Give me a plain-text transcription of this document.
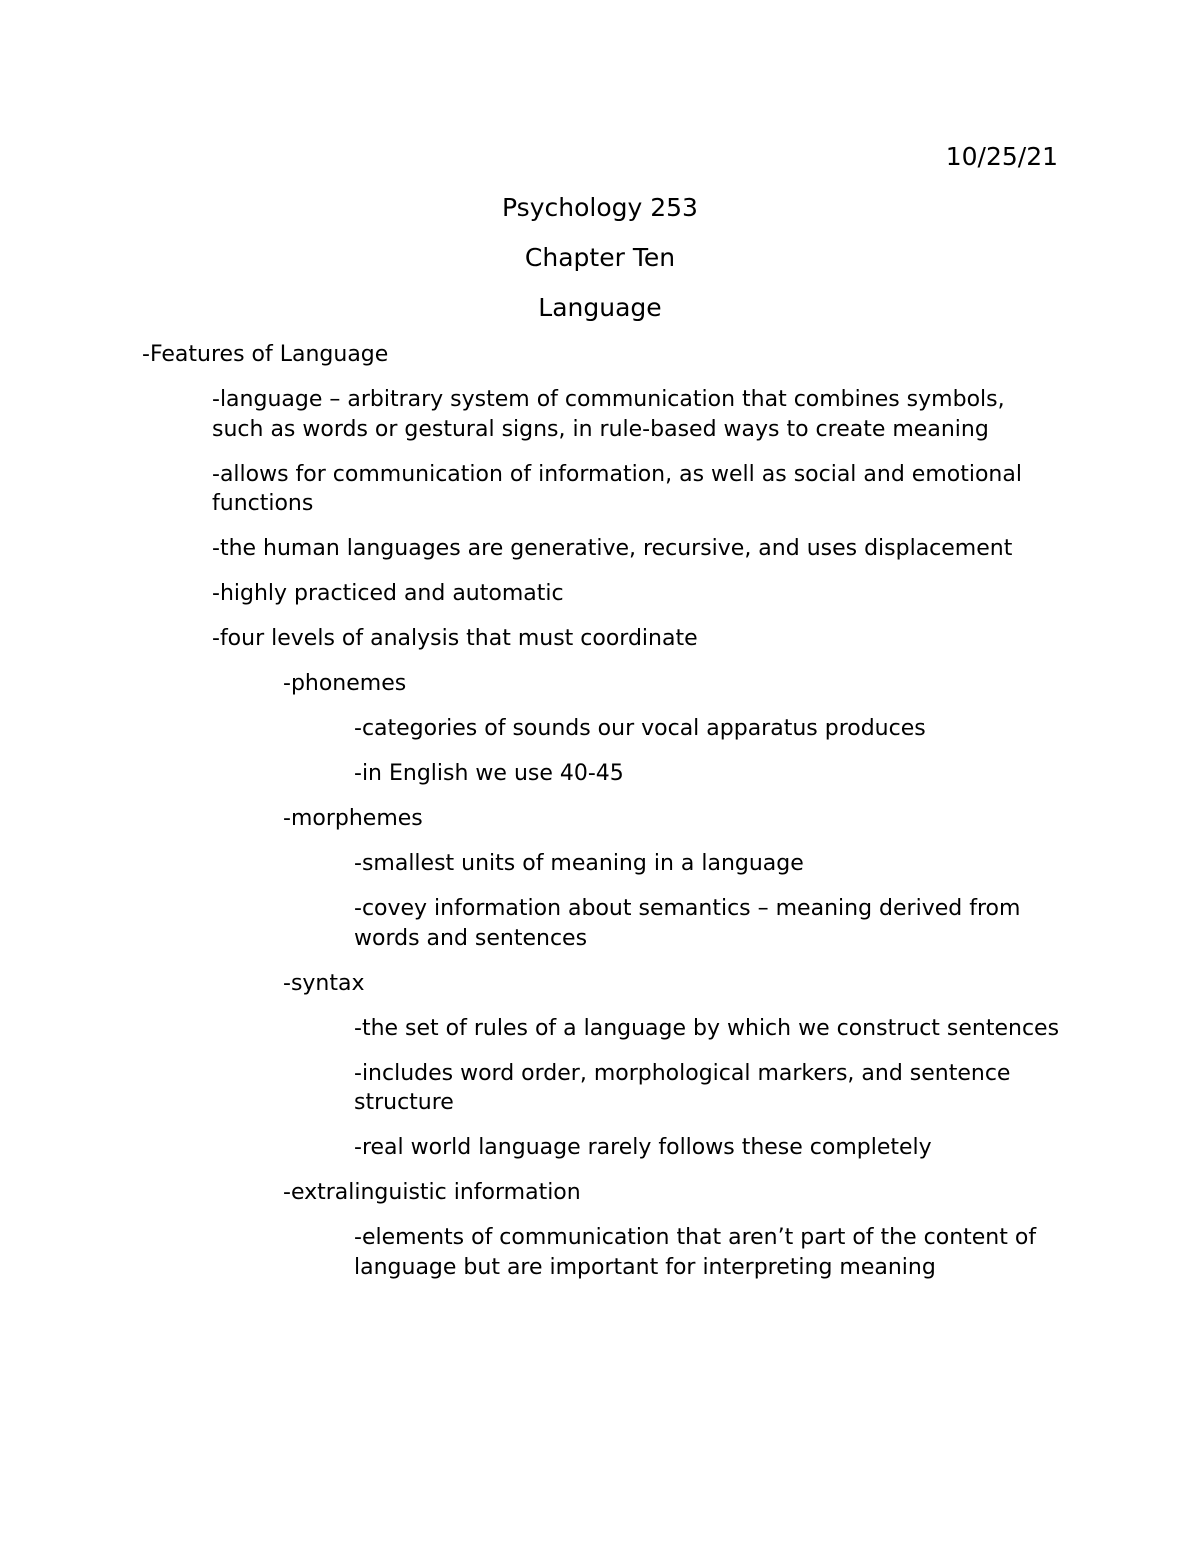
10/25/21
Psychology 253
Chapter Ten
Language
-Features of Language
-language – arbitrary system of communication that combines symbols, such as words or gestural signs, in rule-based ways to create meaning
-allows for communication of information, as well as social and emotional functions
-the human languages are generative, recursive, and uses displacement
-highly practiced and automatic
-four levels of analysis that must coordinate
-phonemes
-categories of sounds our vocal apparatus produces
-in English we use 40-45
-morphemes
-smallest units of meaning in a language
-covey information about semantics – meaning derived from words and sentences
-syntax
-the set of rules of a language by which we construct sentences
-includes word order, morphological markers, and sentence structure
-real world language rarely follows these completely
-extralinguistic information
-elements of communication that aren’t part of the content of language but are important for interpreting meaning
